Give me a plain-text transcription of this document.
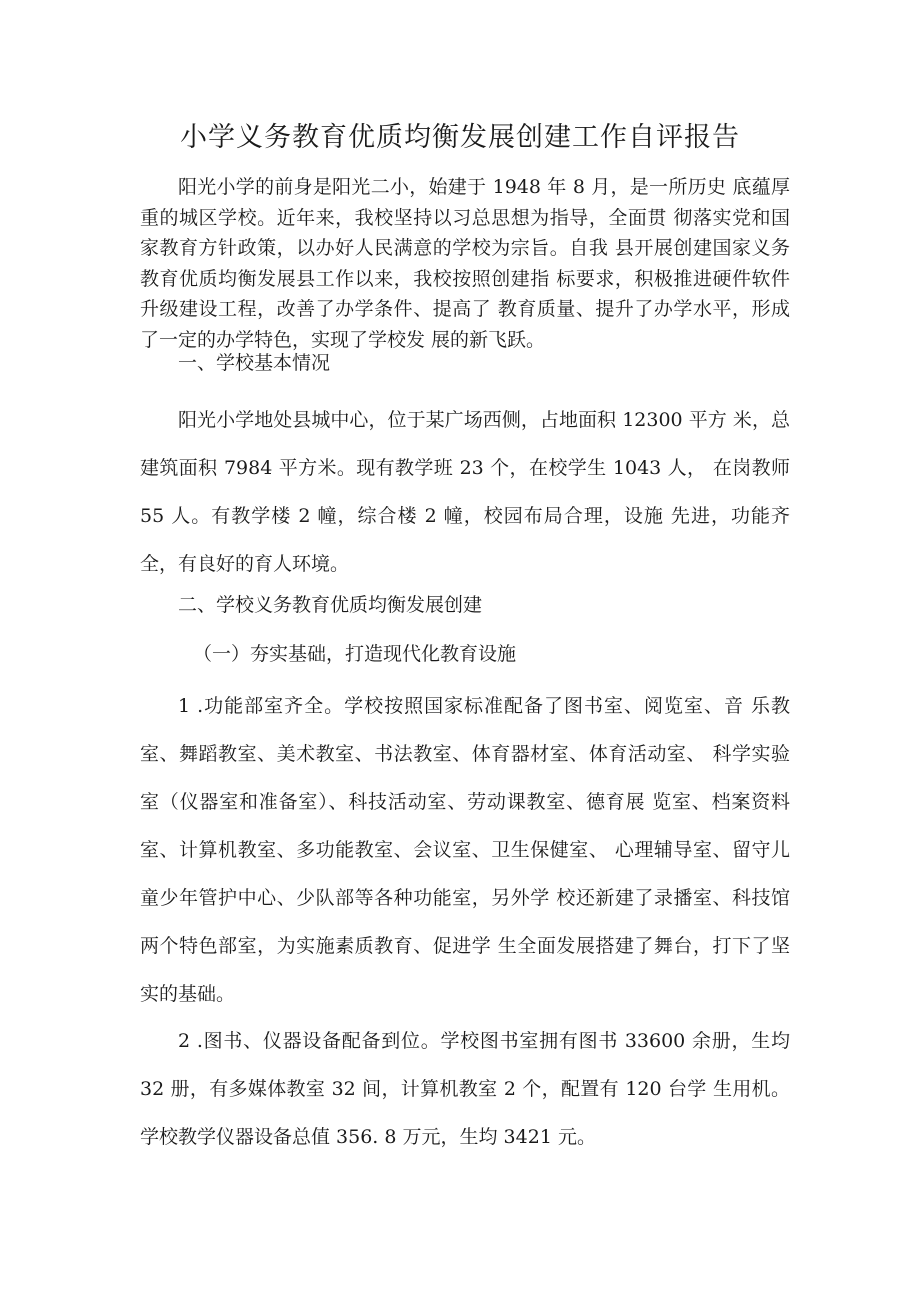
小学义务教育优质均衡发展创建工作自评报告

阳光小学的前身是阳光二小，始建于 1948 年 8 月，是一所历史 底蕴厚重的城区学校。近年来，我校坚持以习总思想为指导，全面贯 彻落实党和国家教育方针政策，以办好人民满意的学校为宗旨。自我 县开展创建国家义务教育优质均衡发展县工作以来，我校按照创建指 标要求，积极推进硬件软件升级建设工程，改善了办学条件、提高了 教育质量、提升了办学水平，形成了一定的办学特色，实现了学校发 展的新飞跃。

一、学校基本情况

阳光小学地处县城中心，位于某广场西侧，占地面积 12300 平方 米，总建筑面积 7984 平方米。现有教学班 23 个，在校学生 1043 人， 在岗教师 55 人。有教学楼 2 幢，综合楼 2 幢，校园布局合理，设施 先进，功能齐全，有良好的育人环境。

二、学校义务教育优质均衡发展创建
（一）夯实基础，打造现代化教育设施

1 .功能部室齐全。学校按照国家标准配备了图书室、阅览室、音 乐教室、舞蹈教室、美术教室、书法教室、体育器材室、体育活动室、 科学实验室（仪器室和准备室）、科技活动室、劳动课教室、德育展 览室、档案资料室、计算机教室、多功能教室、会议室、卫生保健室、 心理辅导室、留守儿童少年管护中心、少队部等各种功能室，另外学 校还新建了录播室、科技馆两个特色部室，为实施素质教育、促进学 生全面发展搭建了舞台，打下了坚实的基础。

2 .图书、仪器设备配备到位。学校图书室拥有图书 33600 余册，生均 32 册，有多媒体教室 32 间，计算机教室 2 个，配置有 120 台学 生用机。学校教学仪器设备总值 356. 8 万元，生均 3421 元。
